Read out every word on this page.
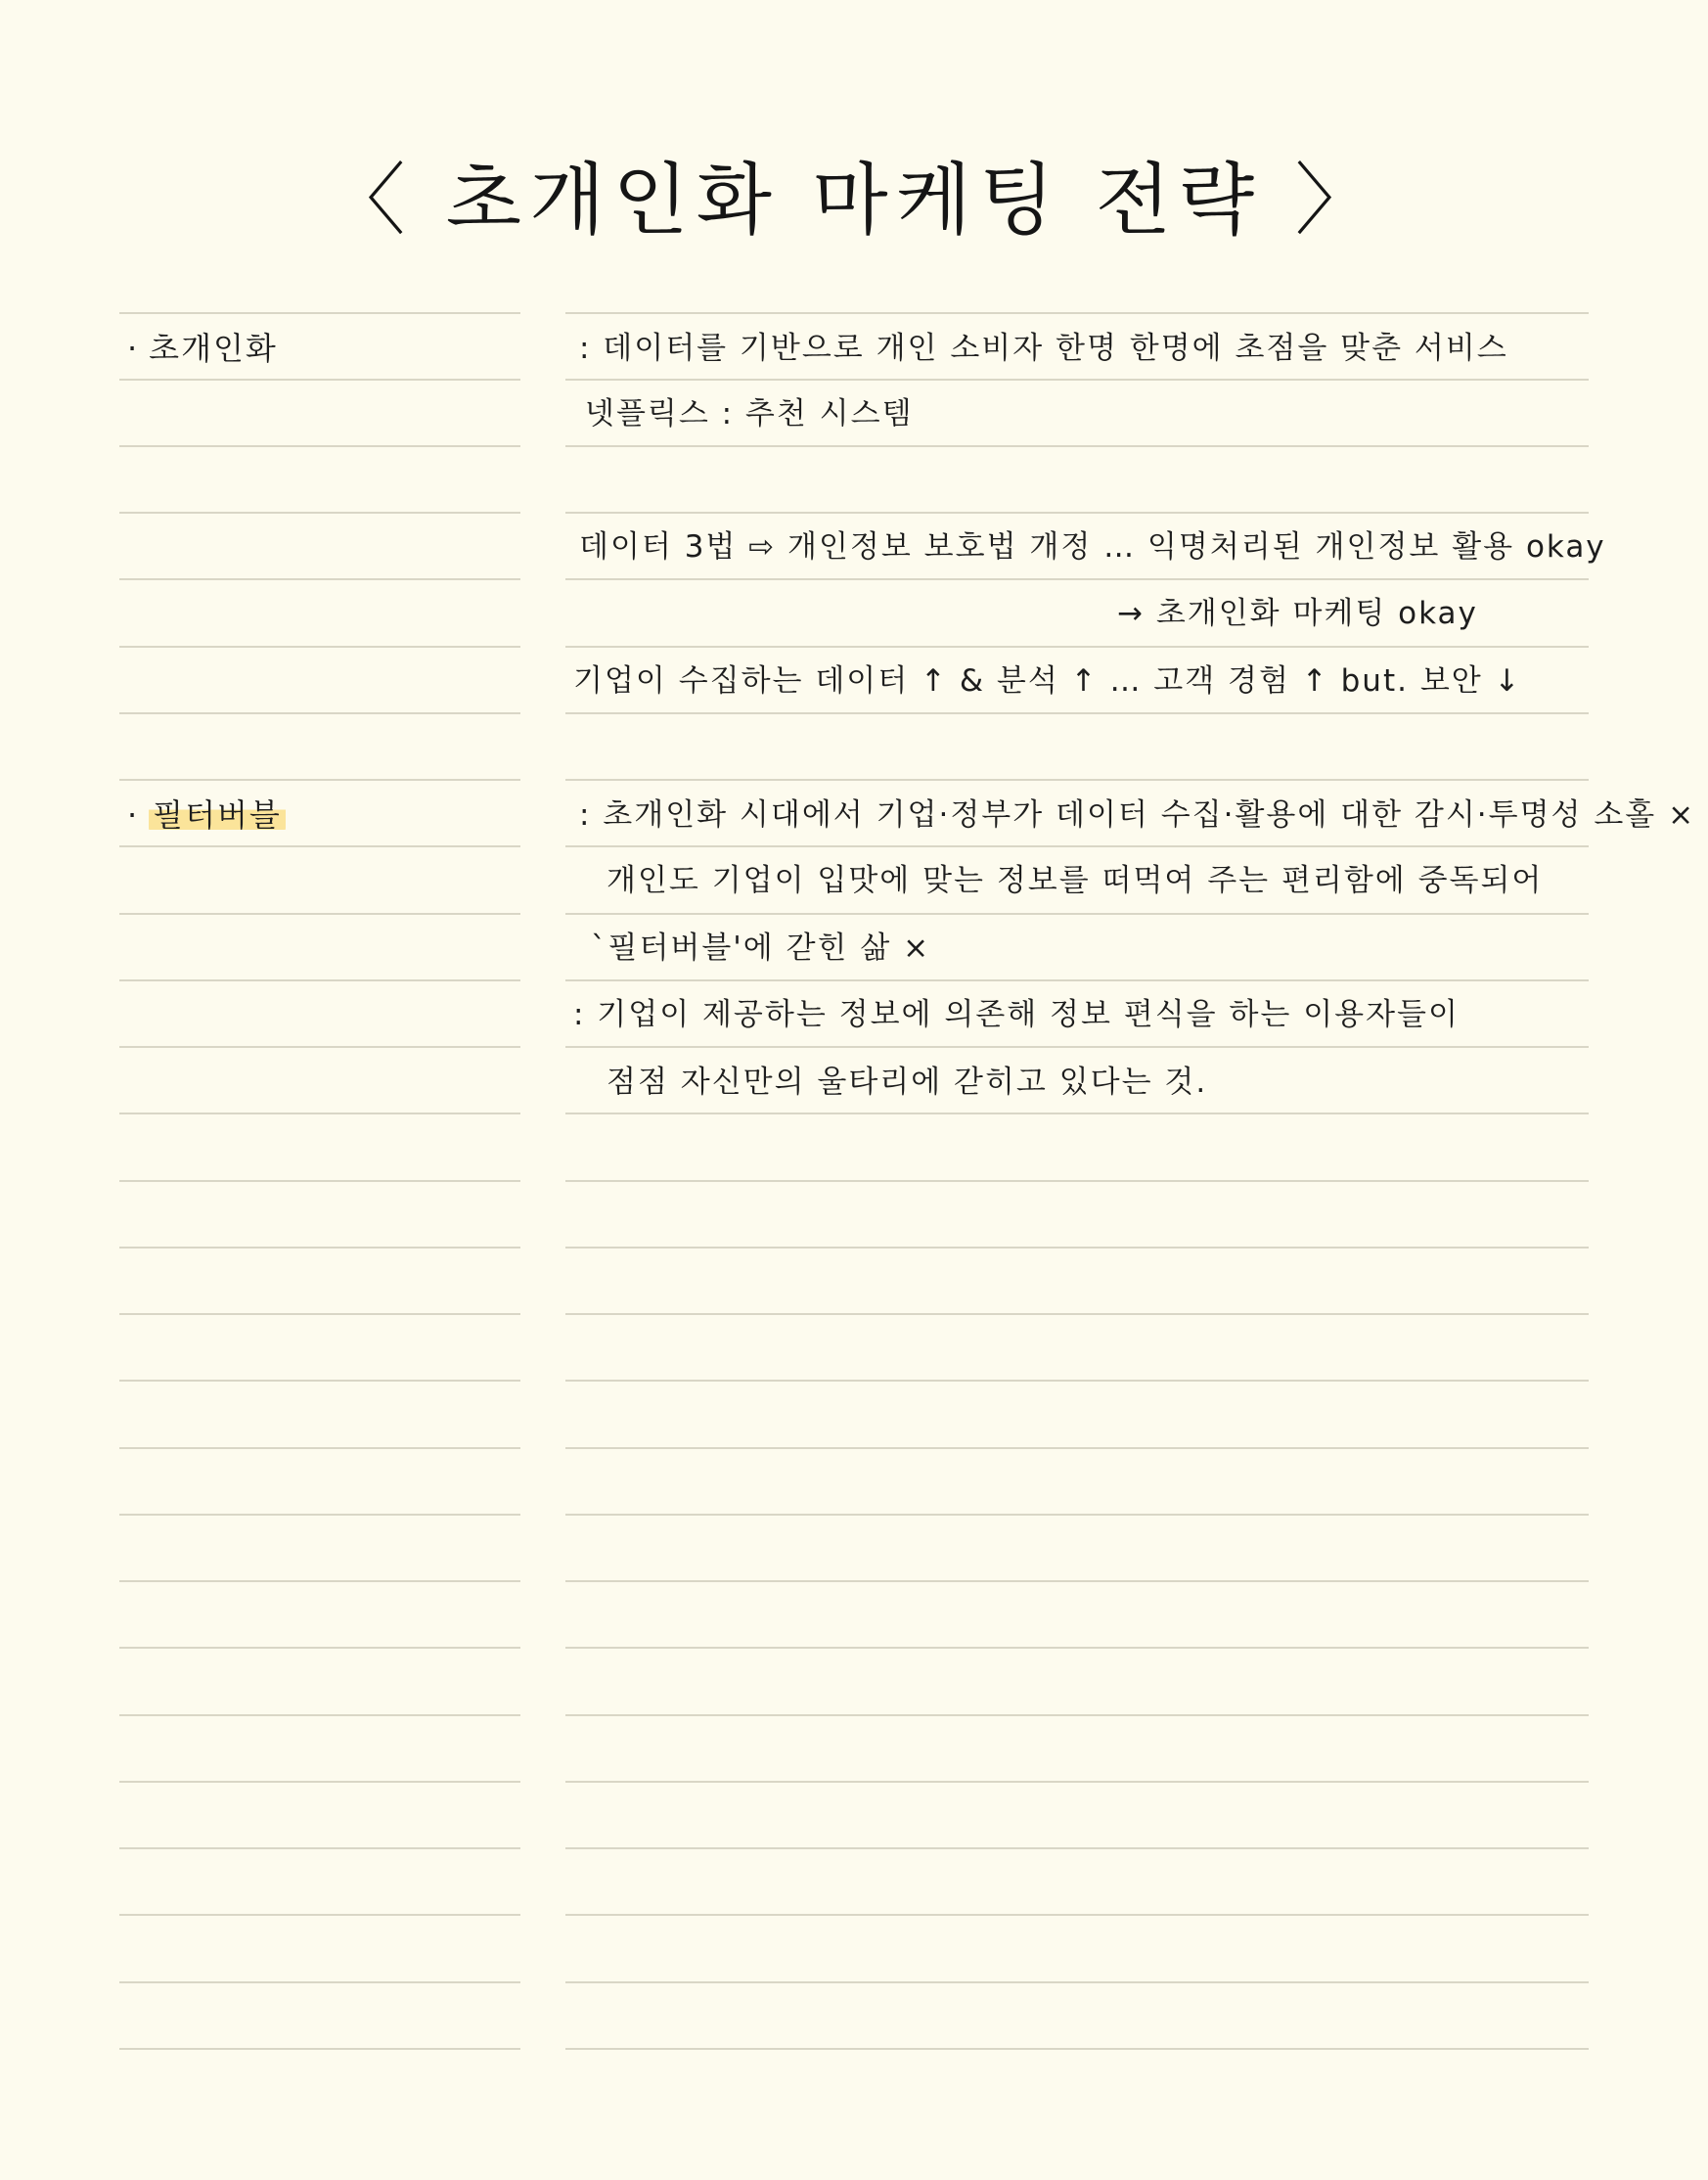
〈 초개인화 마케팅 전략 〉
· 초개인화
· 필터버블
: 데이터를 기반으로 개인 소비자 한명 한명에 초점을 맞춘 서비스
넷플릭스 : 추천 시스템
데이터 3법 ⇨ 개인정보 보호법 개정 … 익명처리된 개인정보 활용 okay
→ 초개인화 마케팅 okay
기업이 수집하는 데이터 ↑ & 분석 ↑ … 고객 경험 ↑ but. 보안 ↓
: 초개인화 시대에서 기업·정부가 데이터 수집·활용에 대한 감시·투명성 소홀 ×
개인도 기업이 입맛에 맞는 정보를 떠먹여 주는 편리함에 중독되어
`필터버블'에 갇힌 삶 ×
: 기업이 제공하는 정보에 의존해 정보 편식을 하는 이용자들이
점점 자신만의 울타리에 갇히고 있다는 것.
